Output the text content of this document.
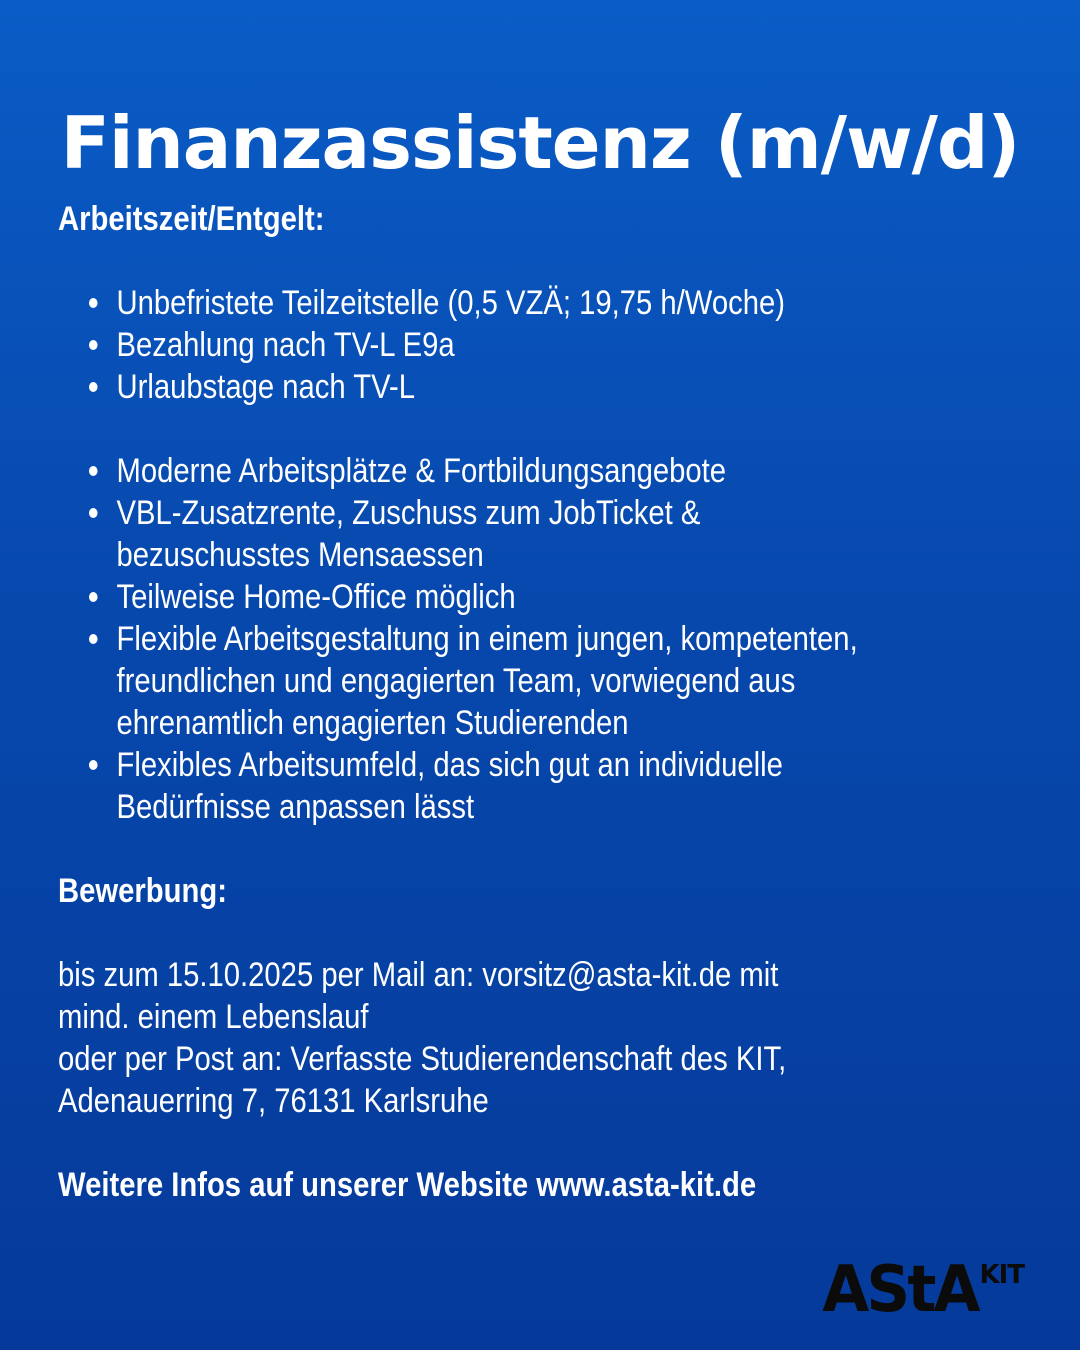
Finanzassistenz (m/w/d)
Arbeitszeit/Entgelt:
Unbefristete Teilzeitstelle (0,5 VZÄ; 19,75 h/Woche)
Bezahlung nach TV-L E9a
Urlaubstage nach TV-L
Moderne Arbeitsplätze & Fortbildungsangebote
VBL-Zusatzrente, Zuschuss zum JobTicket &
bezuschusstes Mensaessen
Teilweise Home-Office möglich
Flexible Arbeitsgestaltung in einem jungen, kompetenten,
freundlichen und engagierten Team, vorwiegend aus
ehrenamtlich engagierten Studierenden
Flexibles Arbeitsumfeld, das sich gut an individuelle
Bedürfnisse anpassen lässt
Bewerbung:

bis zum 15.10.2025 per Mail an: vorsitz@asta-kit.de mit

mind. einem Lebenslauf

oder per Post an: Verfasste Studierendenschaft des KIT,

Adenauerring 7, 76131 Karlsruhe

Weitere Infos auf unserer Website www.asta-kit.de

AStA KIT
